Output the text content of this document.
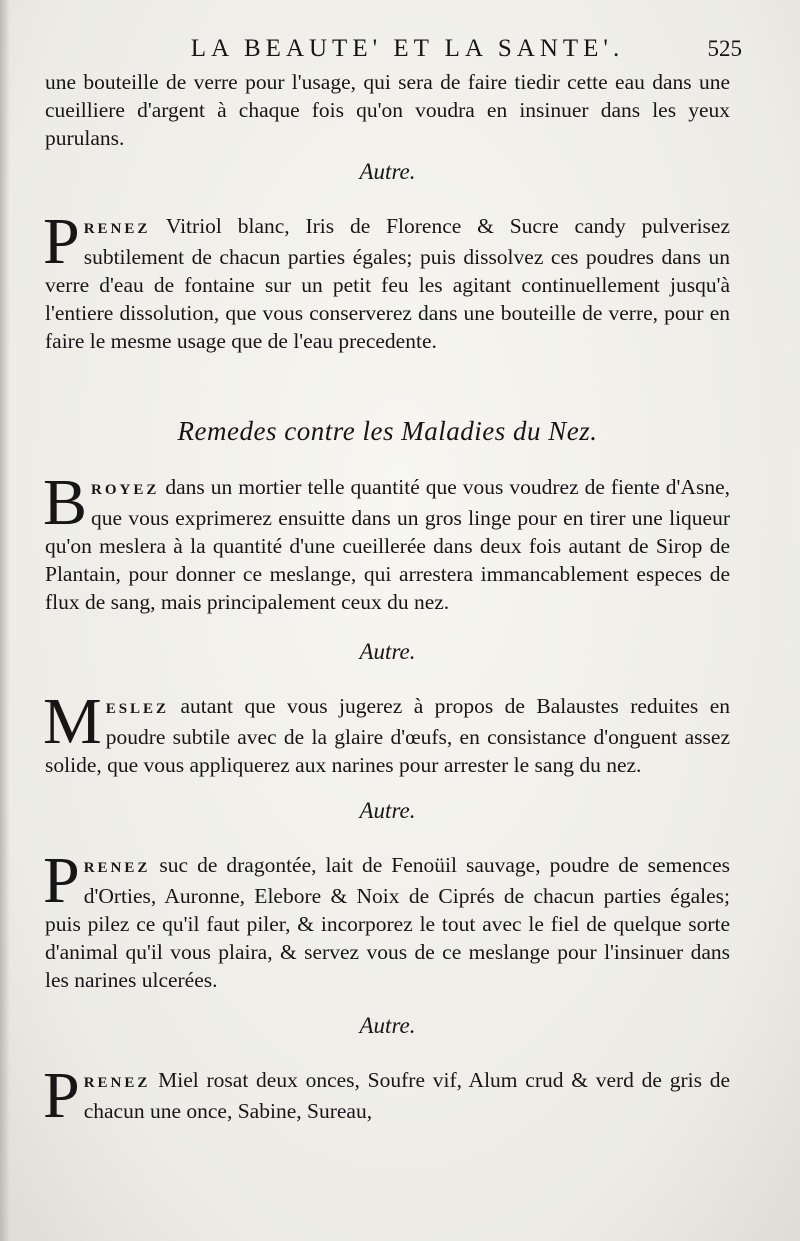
LA BEAUTE' ET LA SANTE'.	525

une bouteille de verre pour l'usage, qui sera de faire tiedir cette eau dans une cueilliere d'argent à chaque fois qu'on voudra en insinuer dans les yeux purulans.

Autre.

PRENEZ Vitriol blanc, Iris de Florence & Sucre candy pulverisez subtilement de chacun parties égales; puis dissolvez ces poudres dans un verre d'eau de fontaine sur un petit feu les agitant continuellement jusqu'à l'entiere dissolution, que vous conserverez dans une bouteille de verre, pour en faire le mesme usage que de l'eau precedente.

Remedes contre les Maladies du Nez.

BROYEZ dans un mortier telle quantité que vous voudrez de fiente d'Asne, que vous exprimerez ensuitte dans un gros linge pour en tirer une liqueur qu'on meslera à la quantité d'une cueilleréе dans deux fois autant de Sirop de Plantain, pour donner ce meslange, qui arrestera immancablement especes de flux de sang, mais principalement ceux du nez.

Autre.

MESLEZ autant que vous jugerez à propos de Balaustes reduites en poudre subtile avec de la glaire d'œufs, en consistance d'onguent assez solide, que vous appliquerez aux narines pour arrester le sang du nez.

Autre.

PRENEZ suc de dragontée, lait de Fenoüil sauvage, poudre de semences d'Orties, Auronne, Elebore & Noix de Ciprés de chacun parties égales; puis pilez ce qu'il faut piler, & incorporez le tout avec le fiel de quelque sorte d'animal qu'il vous plaira, & servez vous de ce meslange pour l'insinuer dans les narines ulcerées.

Autre.

PRENEZ Miel rosat deux onces, Soufre vif, Alum crud & verd de gris de chacun une once, Sabine, Sureau,
